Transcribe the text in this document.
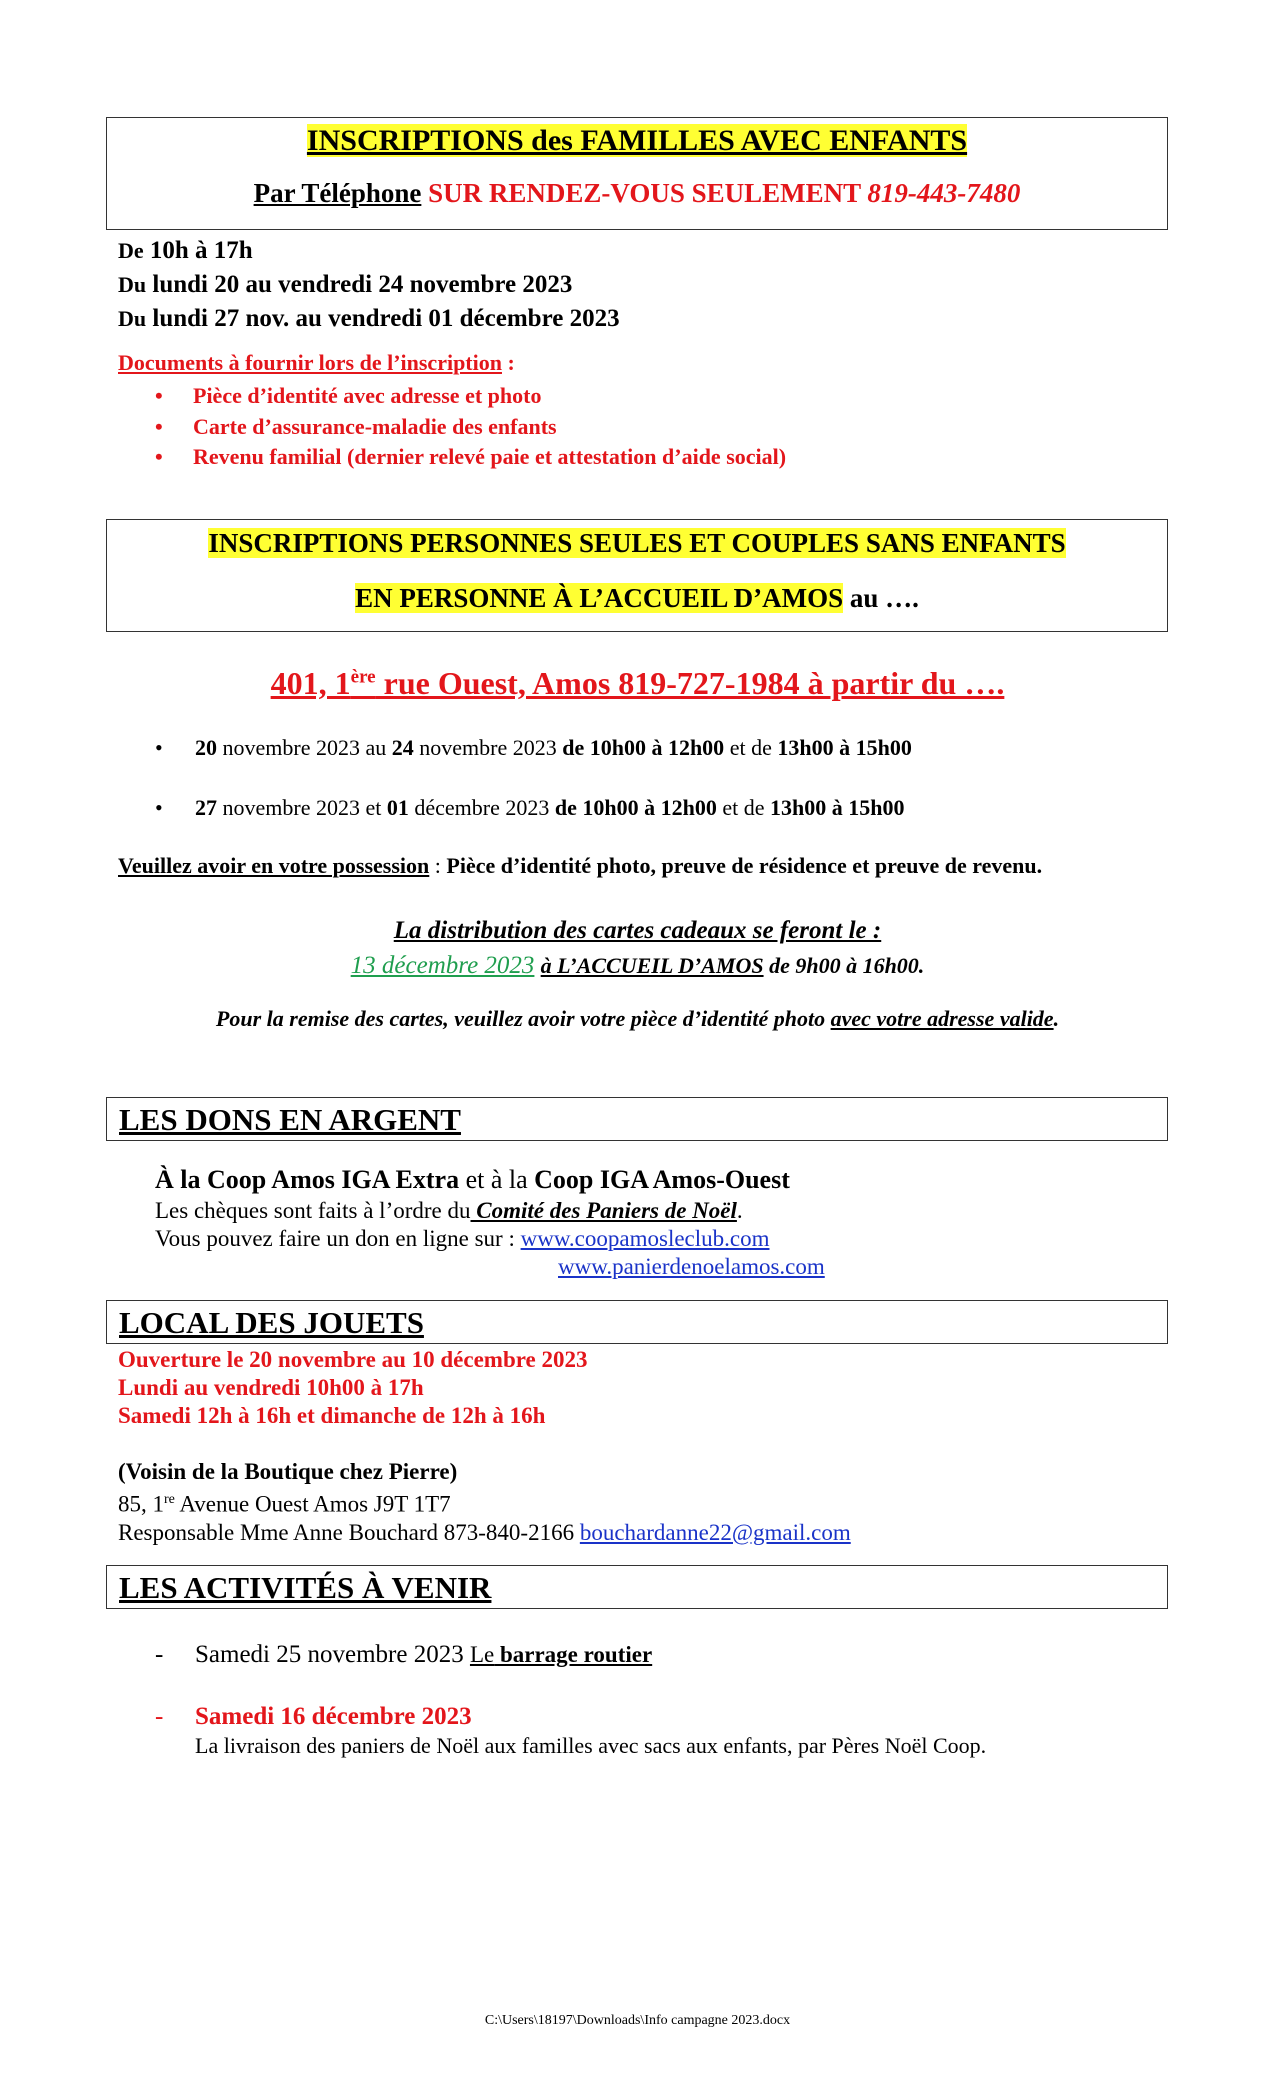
INSCRIPTIONS des FAMILLES AVEC ENFANTS
Par Téléphone SUR RENDEZ-VOUS SEULEMENT 819-443-7480
De 10h à 17h
Du lundi 20 au vendredi 24 novembre 2023
Du lundi 27 nov. au vendredi 01 décembre 2023
Documents à fournir lors de l’inscription :
• Pièce d’identité avec adresse et photo
• Carte d’assurance-maladie des enfants
• Revenu familial (dernier relevé paie et attestation d’aide social)
INSCRIPTIONS PERSONNES SEULES ET COUPLES SANS ENFANTS
EN PERSONNE À L’ACCUEIL D’AMOS au ….
401, 1ère rue Ouest, Amos 819-727-1984 à partir du ….
• 20 novembre 2023 au 24 novembre 2023 de 10h00 à 12h00 et de 13h00 à 15h00
• 27 novembre 2023 et 01 décembre 2023 de 10h00 à 12h00 et de 13h00 à 15h00
Veuillez avoir en votre possession : Pièce d’identité photo, preuve de résidence et preuve de revenu.
La distribution des cartes cadeaux se feront le :
13 décembre 2023 à L’ACCUEIL D’AMOS de 9h00 à 16h00.
Pour la remise des cartes, veuillez avoir votre pièce d’identité photo avec votre adresse valide.
LES DONS EN ARGENT
À la Coop Amos IGA Extra et à la Coop IGA Amos-Ouest
Les chèques sont faits à l’ordre du Comité des Paniers de Noël.
Vous pouvez faire un don en ligne sur : www.coopamosleclub.com
www.panierdenoelamos.com
LOCAL DES JOUETS
Ouverture le 20 novembre au 10 décembre 2023
Lundi au vendredi 10h00 à 17h
Samedi 12h à 16h et dimanche de 12h à 16h
(Voisin de la Boutique chez Pierre)
85, 1re Avenue Ouest Amos J9T 1T7
Responsable Mme Anne Bouchard 873-840-2166 bouchardanne22@gmail.com
LES ACTIVITÉS À VENIR
- Samedi 25 novembre 2023 Le barrage routier
- Samedi 16 décembre 2023
La livraison des paniers de Noël aux familles avec sacs aux enfants, par Pères Noël Coop.
C:\Users\18197\Downloads\Info campagne 2023.docx
